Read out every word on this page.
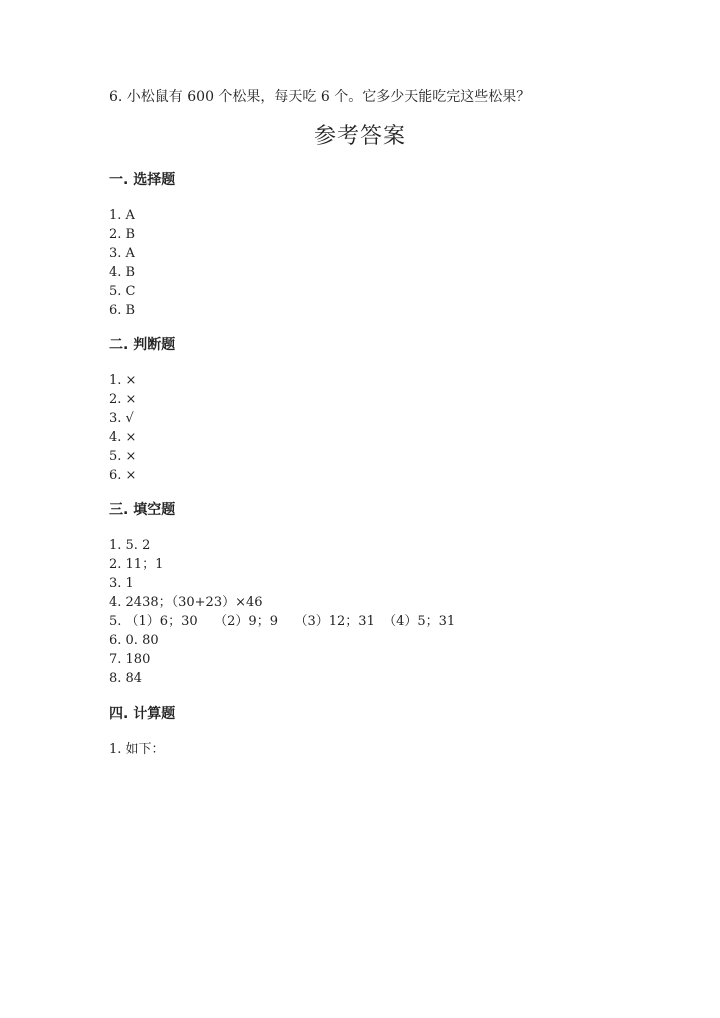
6. 小松鼠有 600 个松果，每天吃 6 个。它多少天能吃完这些松果？
参考答案
一. 选择题
1. A
2. B
3. A
4. B
5. C
6. B
二. 判断题
1. ×
2. ×
3. √
4. ×
5. ×
6. ×
三. 填空题
1. 5. 2
2. 11；1
3. 1
4. 2438；（30+23）×46
5. （1）6；30    （2）9；9    （3）12；31  （4）5；31
6. 0. 80
7. 180
8. 84
四. 计算题
1. 如下：
